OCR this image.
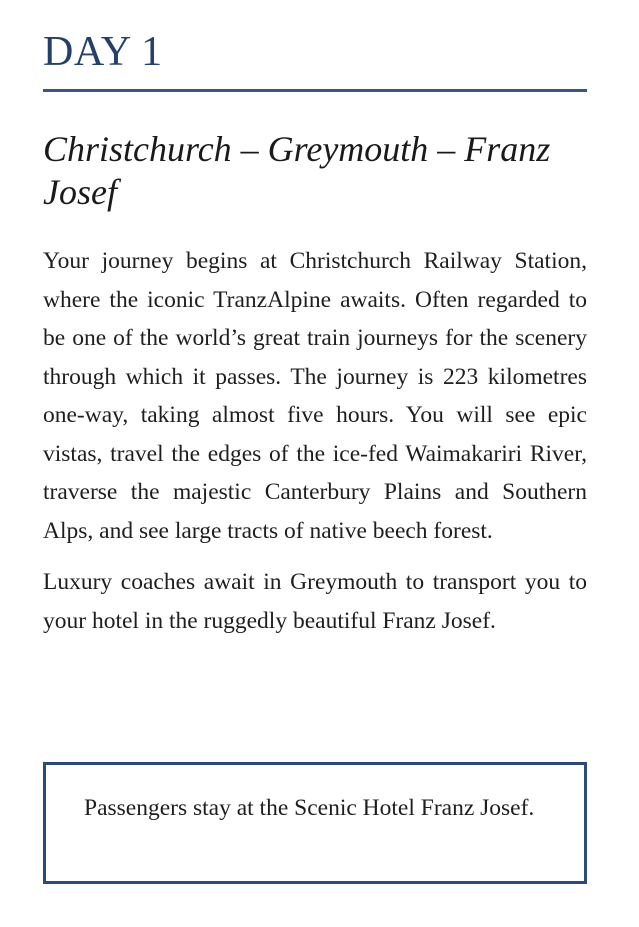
DAY 1
Christchurch – Greymouth – Franz Josef

Your journey begins at Christchurch Railway Station, where the iconic TranzAlpine awaits. Often regarded to be one of the world’s great train journeys for the scenery through which it passes. The journey is 223 kilometres one-way, taking almost five hours. You will see epic vistas, travel the edges of the ice-fed Waimakariri River, traverse the majestic Canterbury Plains and Southern Alps, and see large tracts of native beech forest.

Luxury coaches await in Greymouth to transport you to your hotel in the ruggedly beautiful Franz Josef.

Passengers stay at the Scenic Hotel Franz Josef.
